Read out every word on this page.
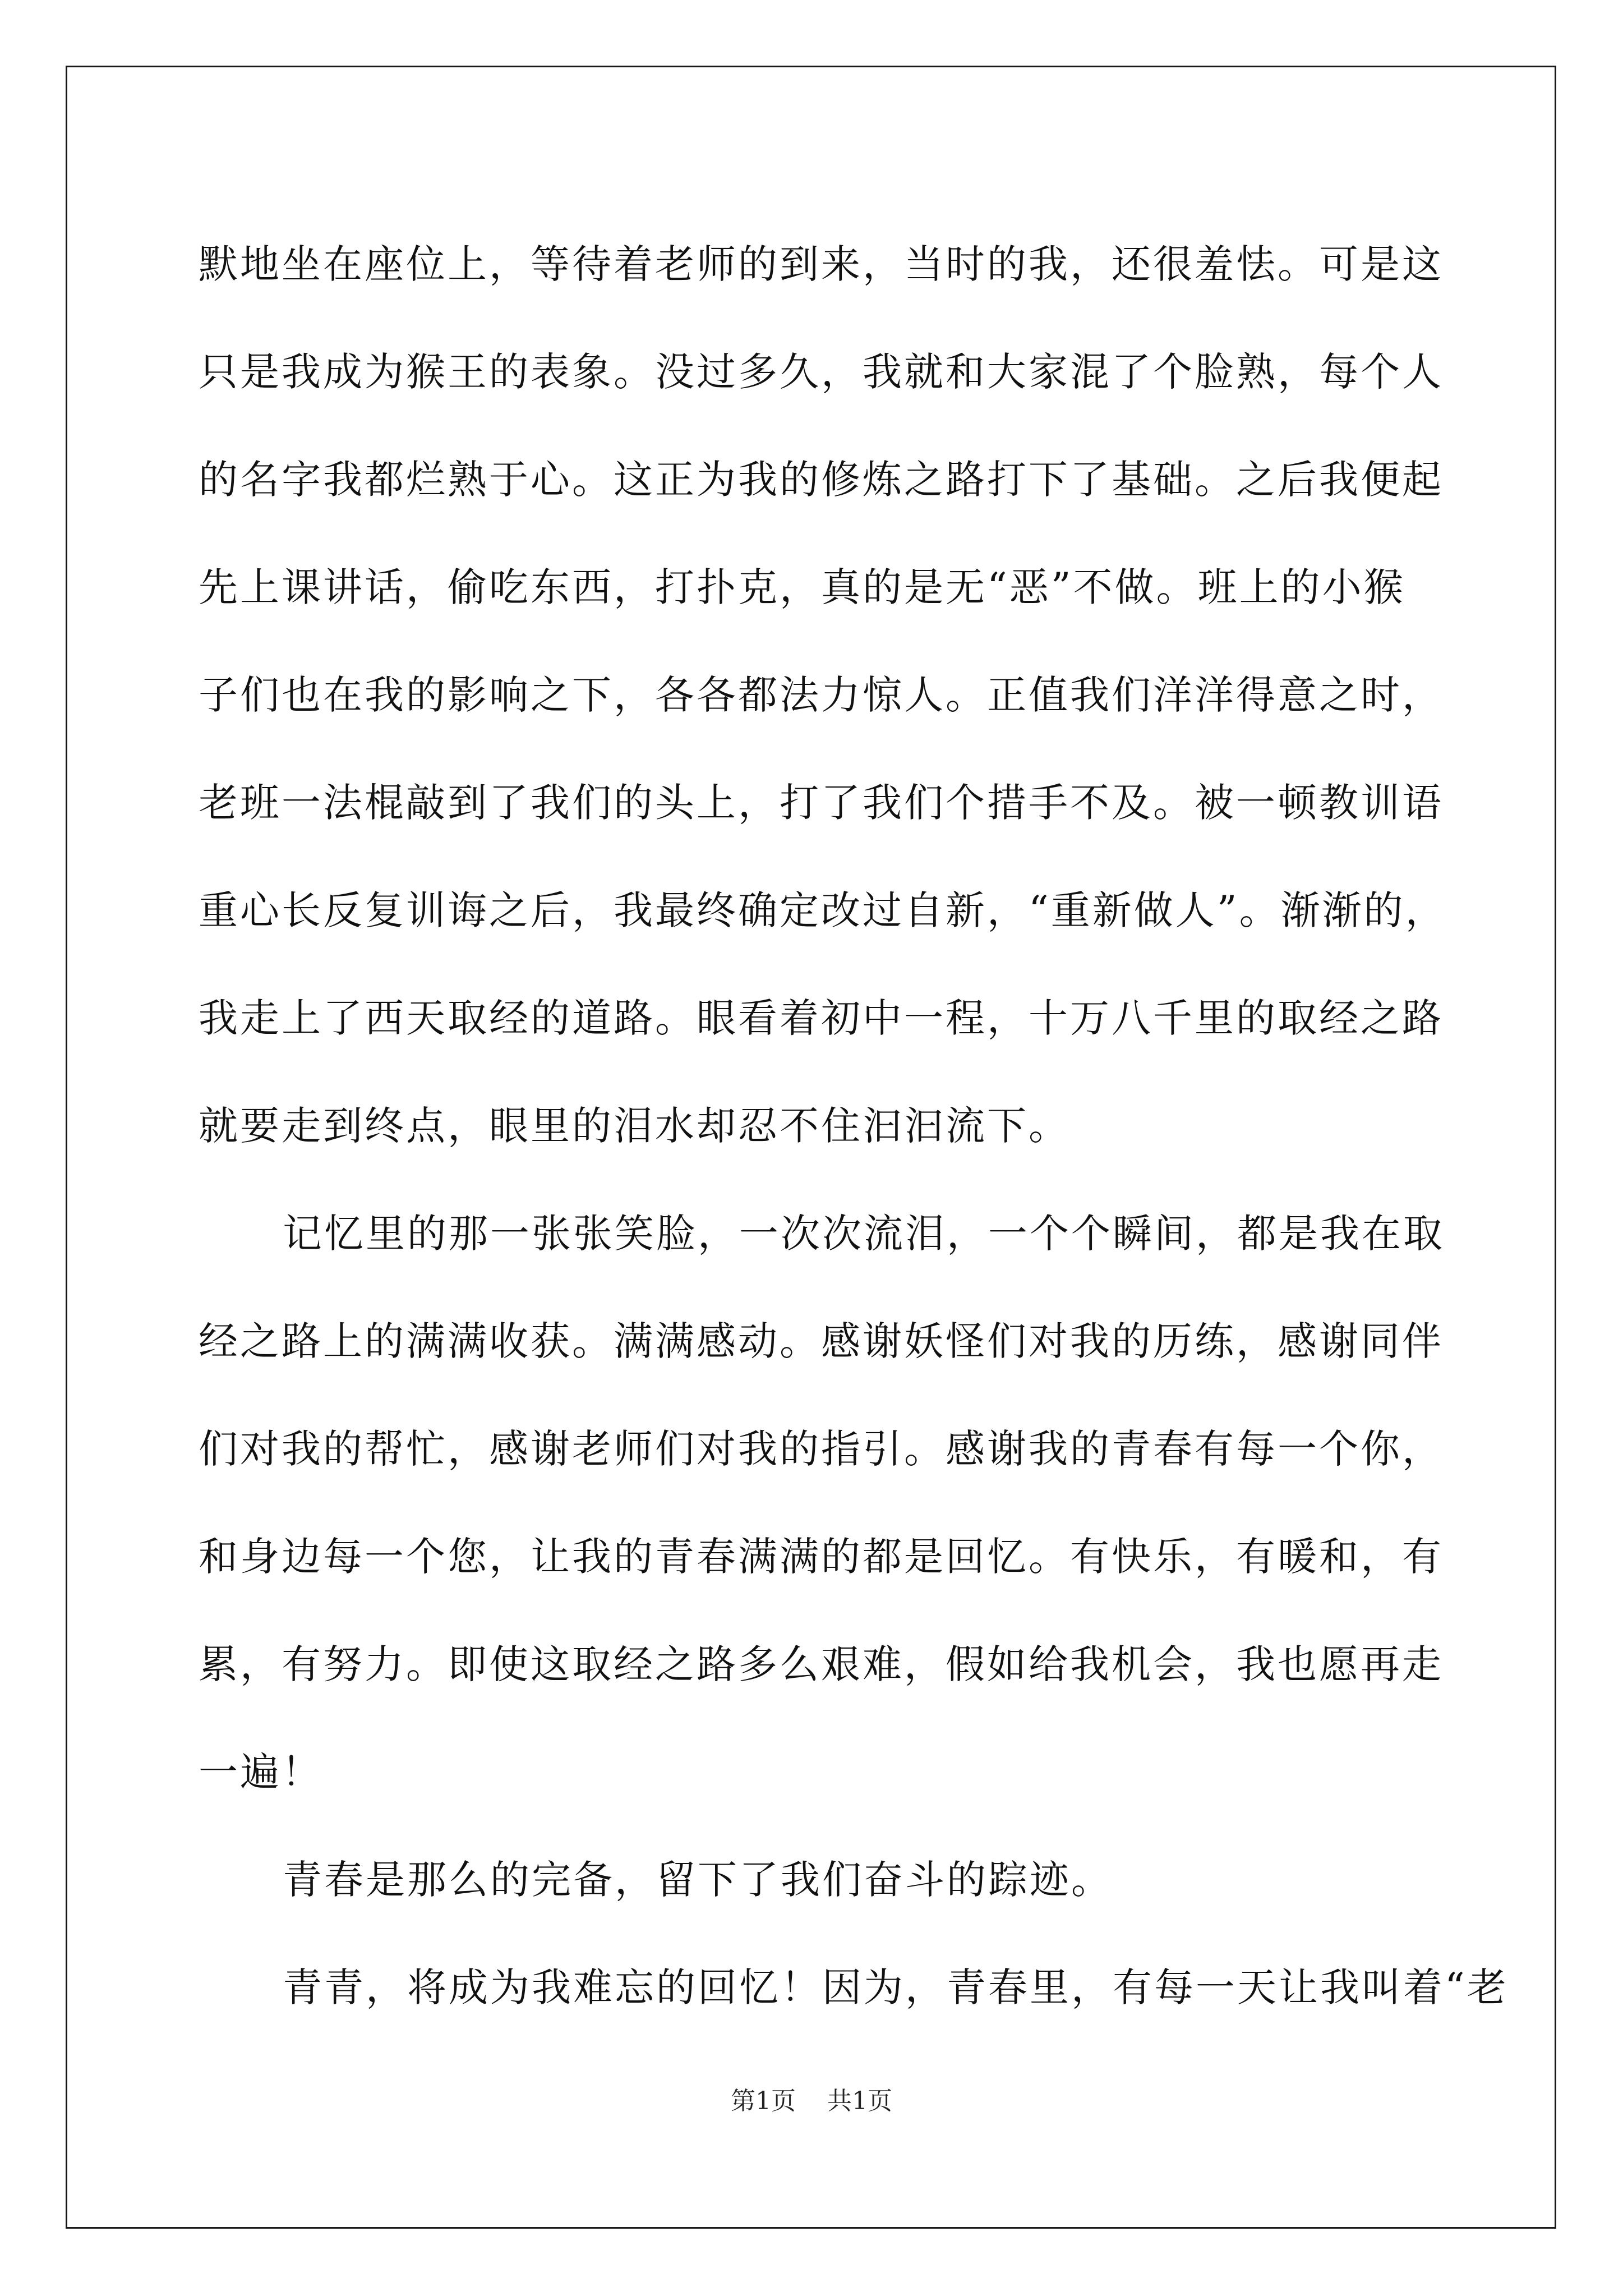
默地坐在座位上，等待着老师的到来，当时的我，还很羞怯。可是这
只是我成为猴王的表象。没过多久，我就和大家混了个脸熟，每个人
的名字我都烂熟于心。这正为我的修炼之路打下了基础。之后我便起
先上课讲话，偷吃东西，打扑克，真的是无“恶”不做。班上的小猴
子们也在我的影响之下，各各都法力惊人。正值我们洋洋得意之时，
老班一法棍敲到了我们的头上，打了我们个措手不及。被一顿教训语
重心长反复训诲之后，我最终确定改过自新，“重新做人”。渐渐的，
我走上了西天取经的道路。眼看着初中一程，十万八千里的取经之路
就要走到终点，眼里的泪水却忍不住汩汩流下。
记忆里的那一张张笑脸，一次次流泪，一个个瞬间，都是我在取
经之路上的满满收获。满满感动。感谢妖怪们对我的历练，感谢同伴
们对我的帮忙，感谢老师们对我的指引。感谢我的青春有每一个你，
和身边每一个您，让我的青春满满的都是回忆。有快乐，有暖和，有
累，有努力。即使这取经之路多么艰难，假如给我机会，我也愿再走
一遍！
青春是那么的完备，留下了我们奋斗的踪迹。
青青，将成为我难忘的回忆！因为，青春里，有每一天让我叫着“老
第1页 共1页
